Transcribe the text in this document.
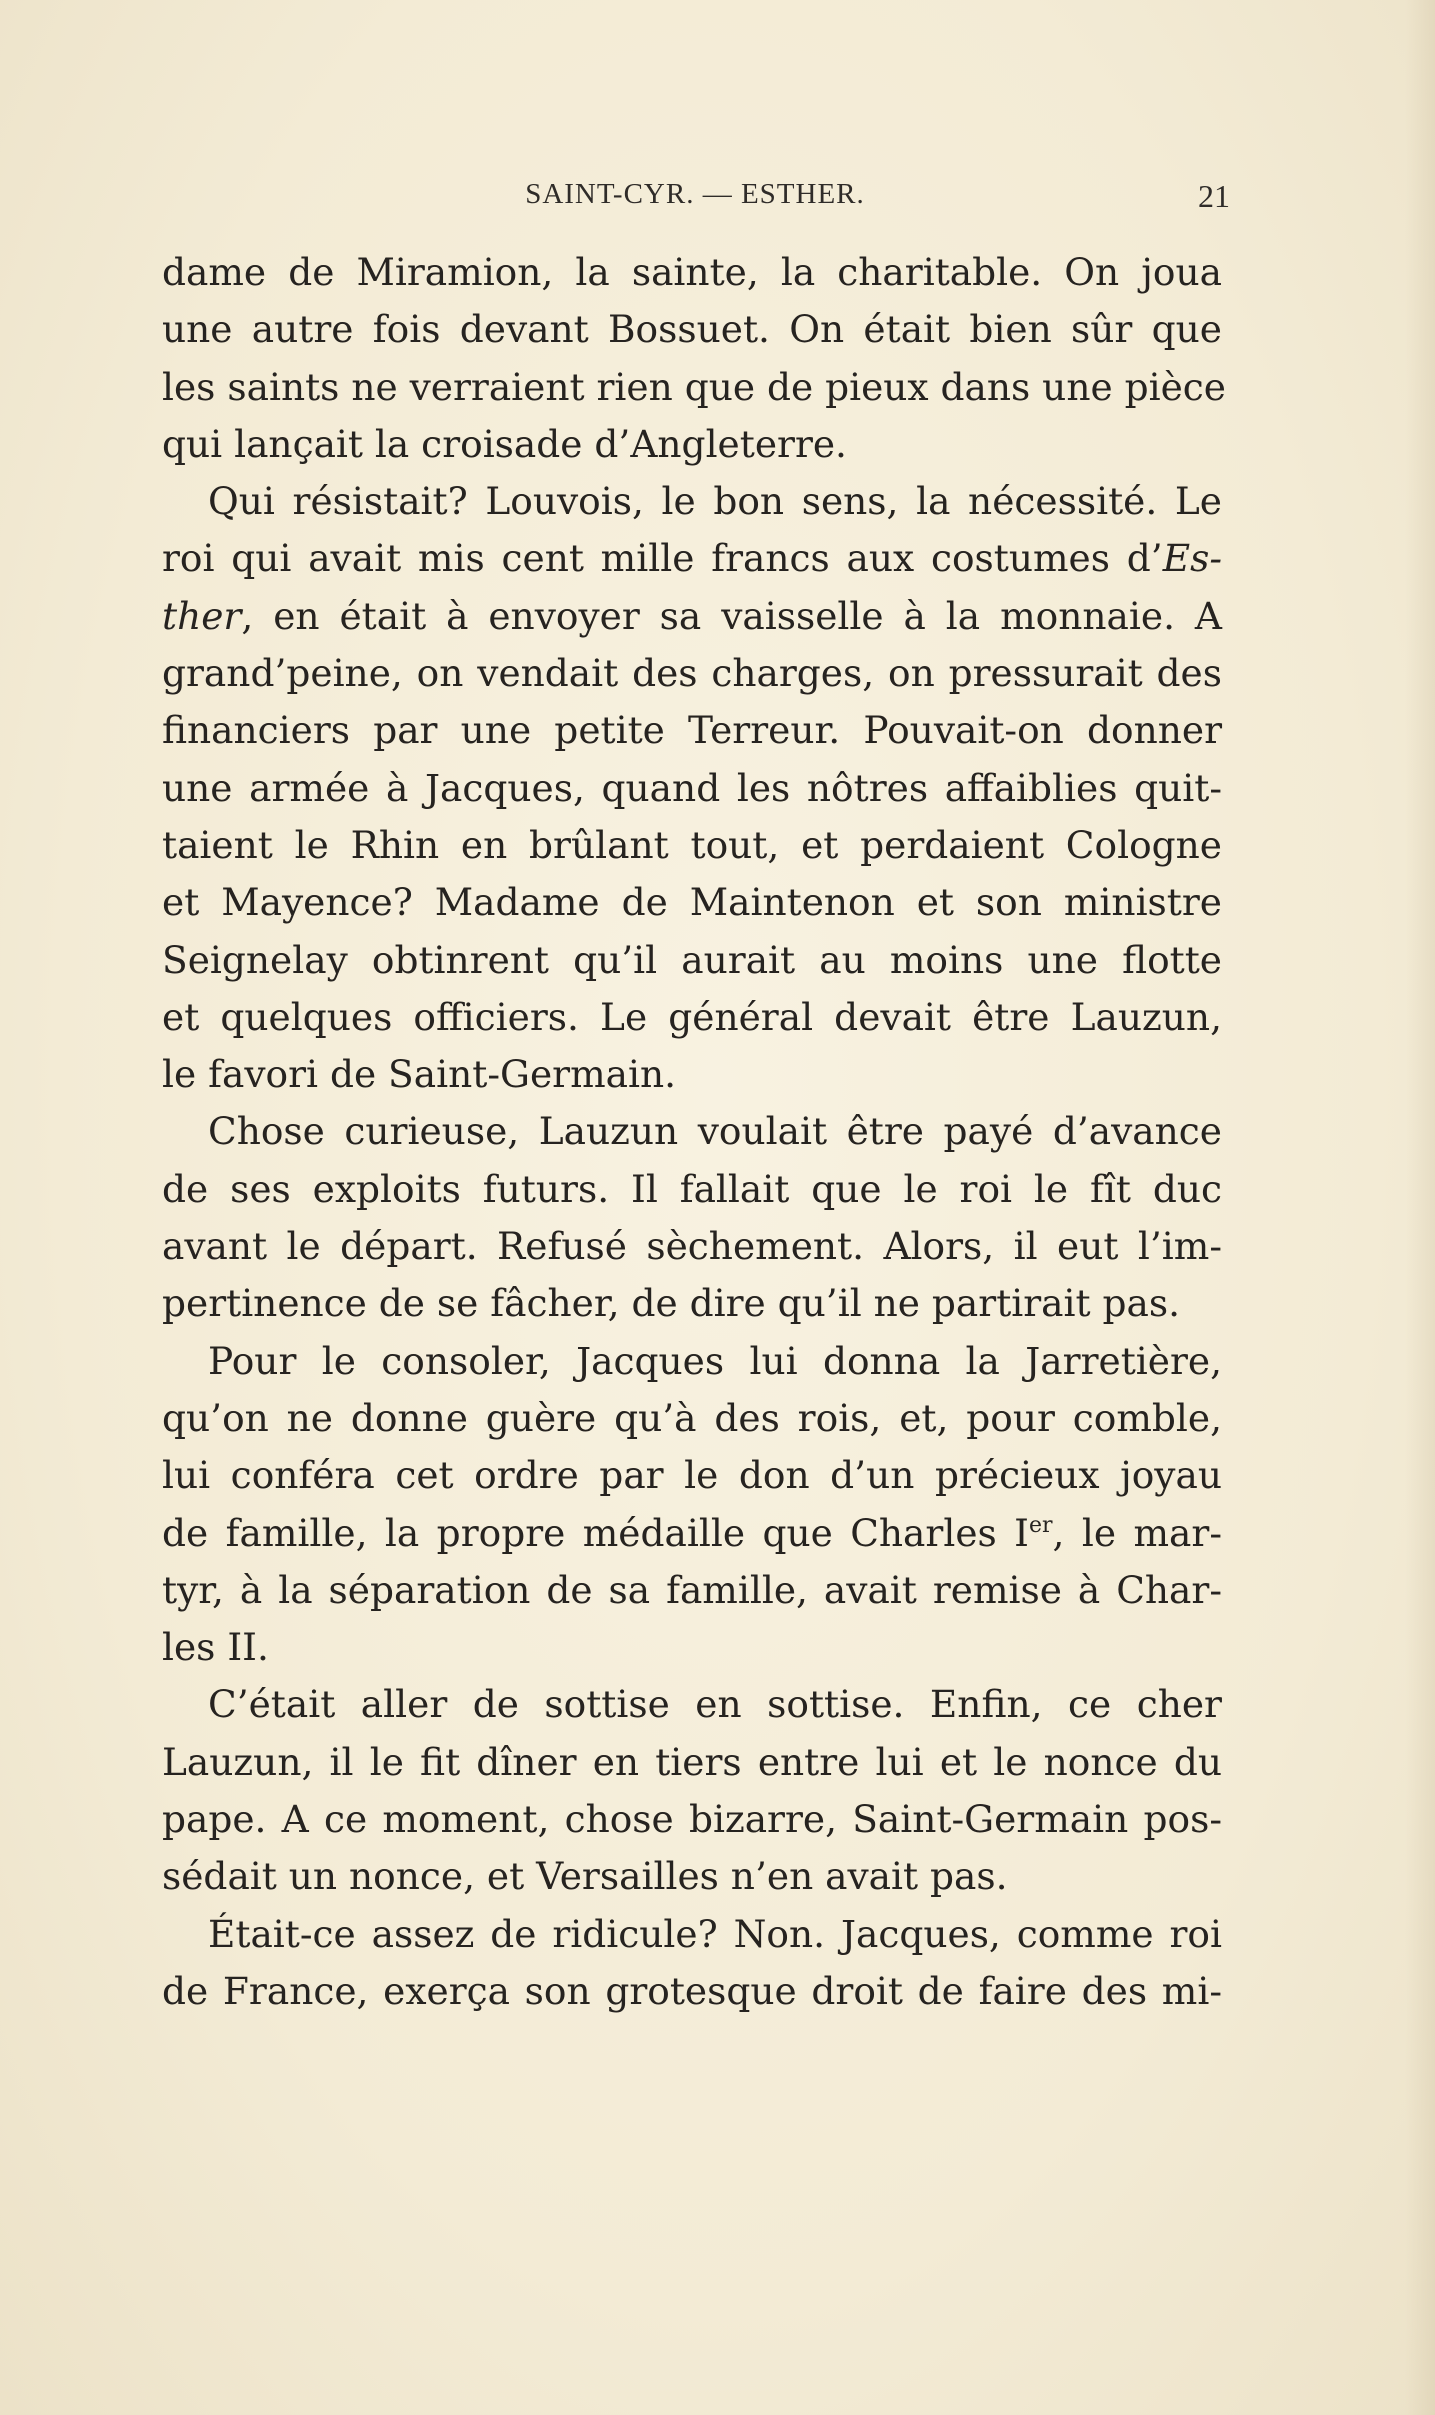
SAINT-CYR. — ESTHER.	21
dame de Miramion, la sainte, la charitable. On joua
une autre fois devant Bossuet. On était bien sûr que
les saints ne verraient rien que de pieux dans une pièce
qui lançait la croisade d’Angleterre.
Qui résistait? Louvois, le bon sens, la nécessité. Le
roi qui avait mis cent mille francs aux costumes d’Es-
ther, en était à envoyer sa vaisselle à la monnaie. A
grand’peine, on vendait des charges, on pressurait des
financiers par une petite Terreur. Pouvait-on donner
une armée à Jacques, quand les nôtres affaiblies quit-
taient le Rhin en brûlant tout, et perdaient Cologne
et Mayence? Madame de Maintenon et son ministre
Seignelay obtinrent qu’il aurait au moins une flotte
et quelques officiers. Le général devait être Lauzun,
le favori de Saint-Germain.
Chose curieuse, Lauzun voulait être payé d’avance
de ses exploits futurs. Il fallait que le roi le fît duc
avant le départ. Refusé sèchement. Alors, il eut l’im-
pertinence de se fâcher, de dire qu’il ne partirait pas.
Pour le consoler, Jacques lui donna la Jarretière,
qu’on ne donne guère qu’à des rois, et, pour comble,
lui conféra cet ordre par le don d’un précieux joyau
de famille, la propre médaille que Charles Ier, le mar-
tyr, à la séparation de sa famille, avait remise à Char-
les II.
C’était aller de sottise en sottise. Enfin, ce cher
Lauzun, il le fit dîner en tiers entre lui et le nonce du
pape. A ce moment, chose bizarre, Saint-Germain pos-
sédait un nonce, et Versailles n’en avait pas.
Était-ce assez de ridicule? Non. Jacques, comme roi
de France, exerça son grotesque droit de faire des mi-
